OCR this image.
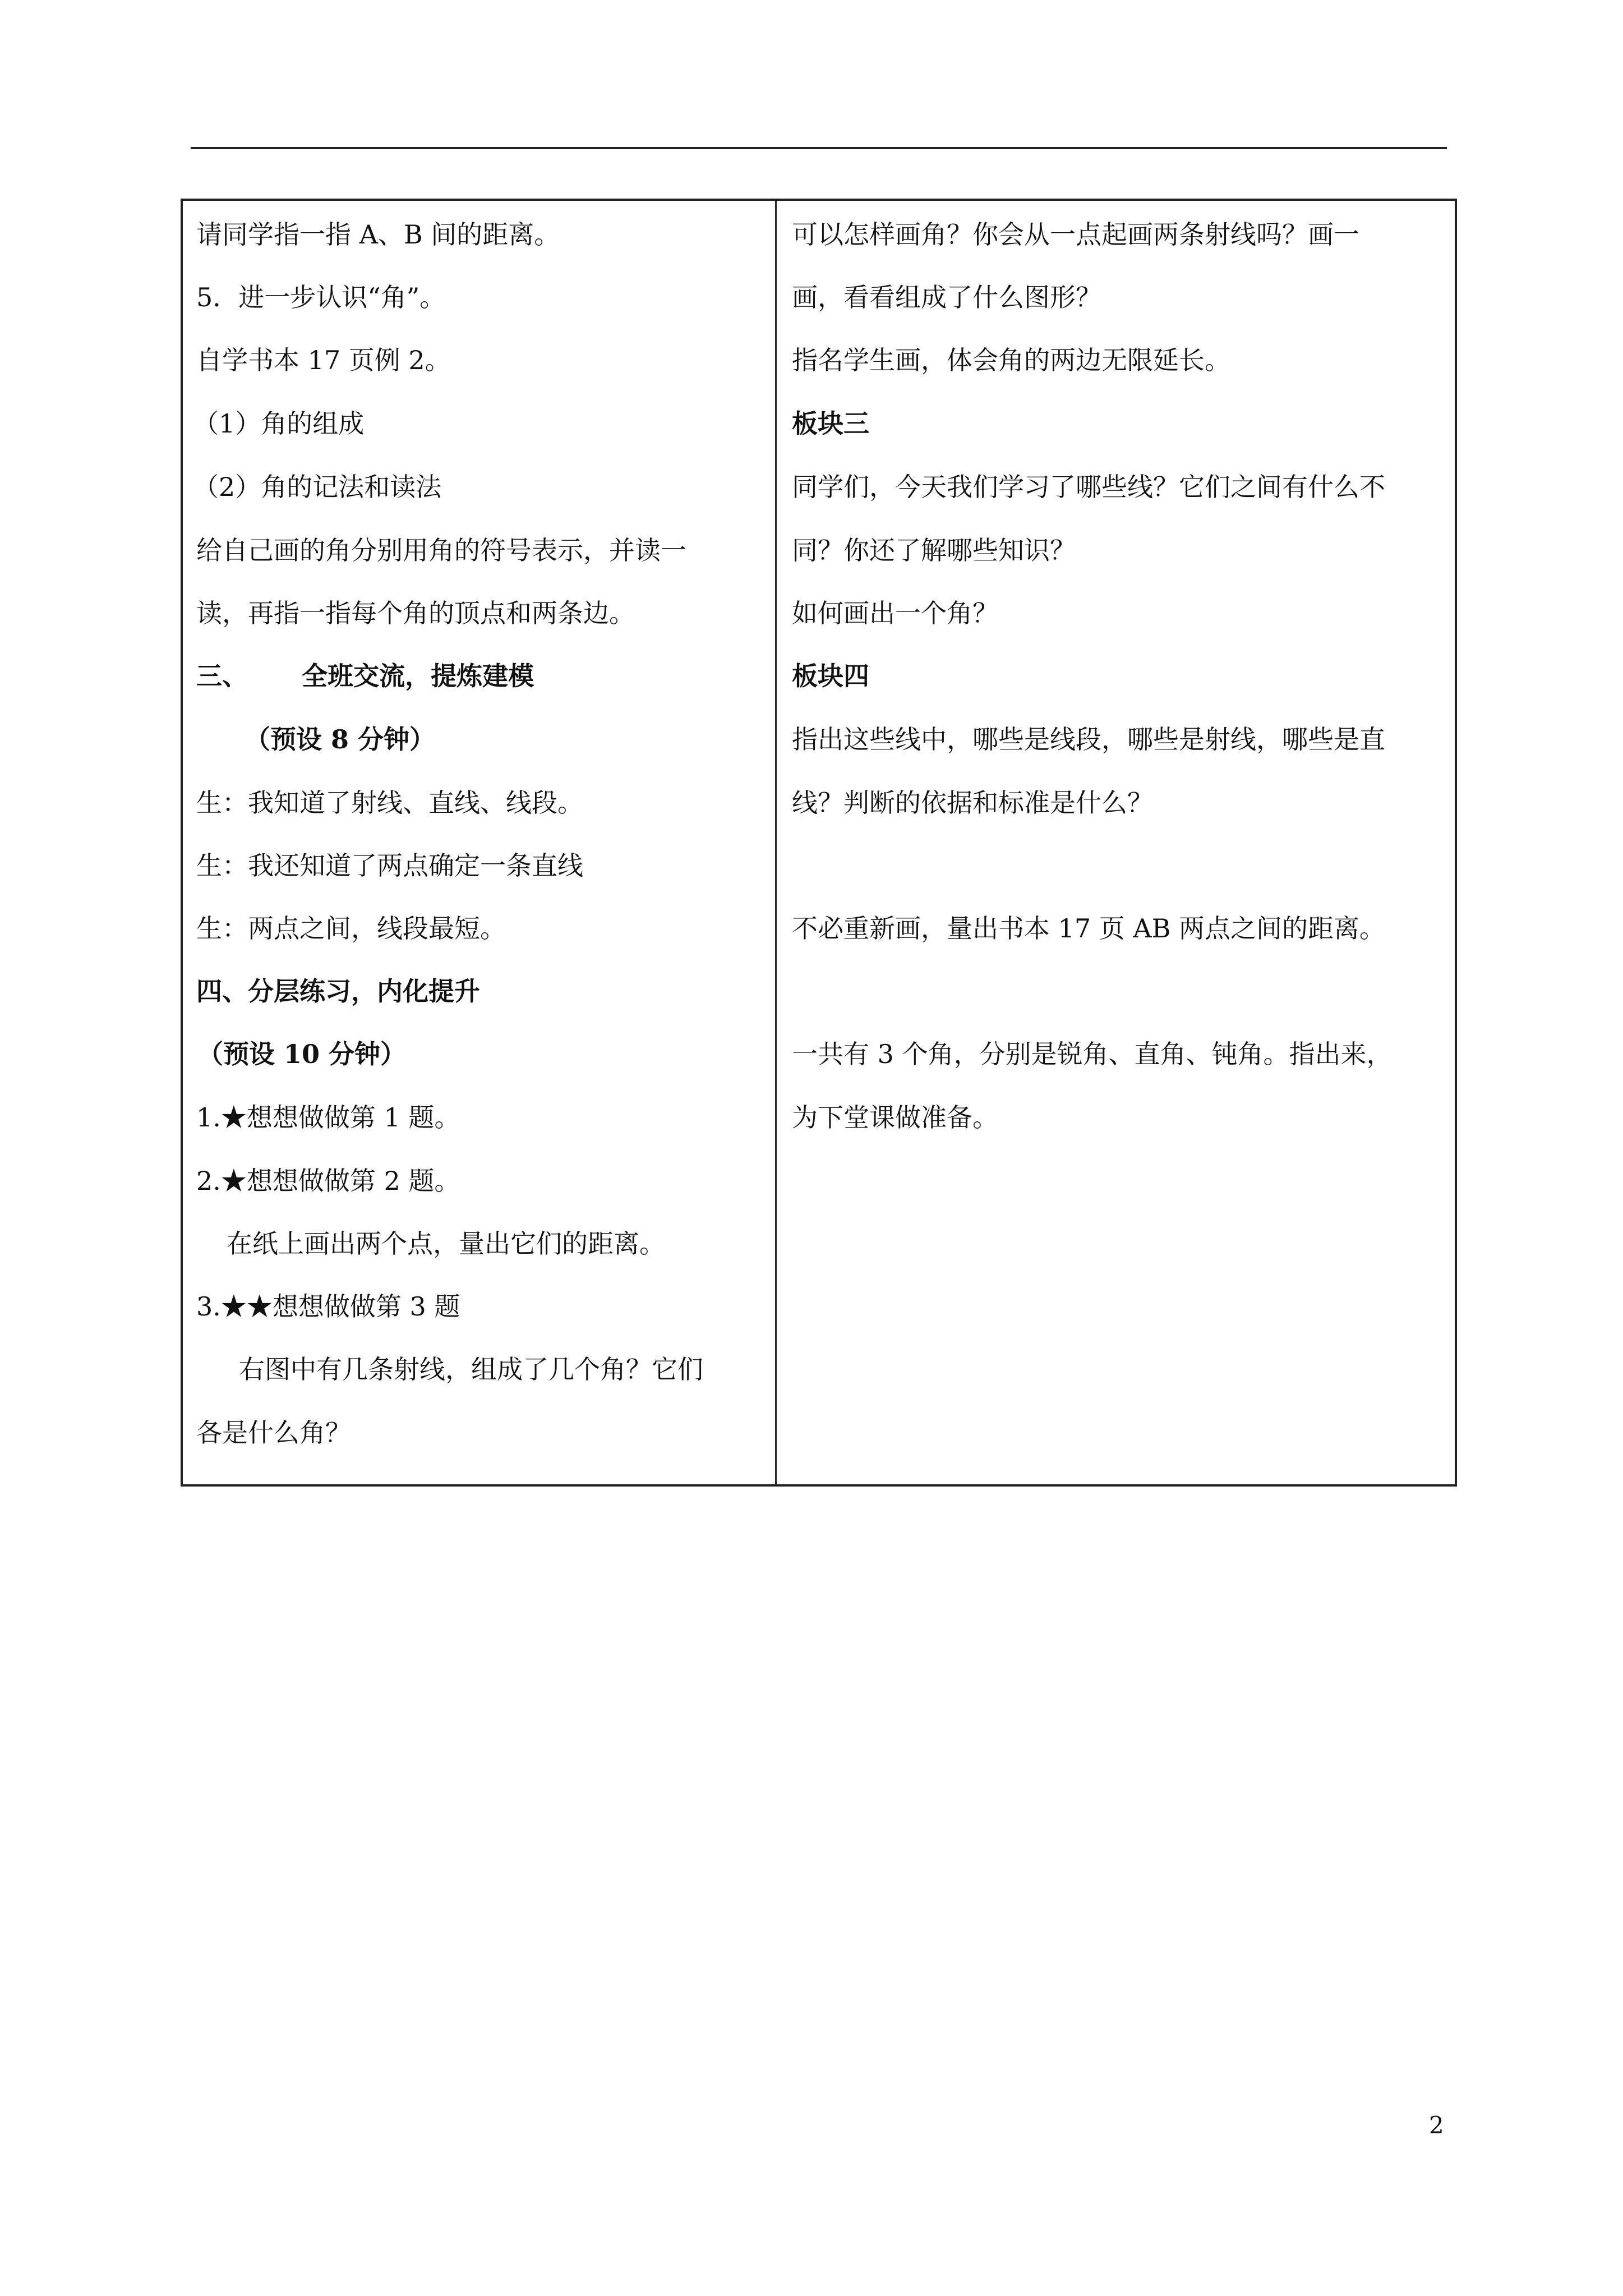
请同学指一指 A、B 间的距离。
5．进一步认识“角”。
自学书本 17 页例 2。
（1）角的组成
（2）角的记法和读法
给自己画的角分别用角的符号表示，并读一
读，再指一指每个角的顶点和两条边。
三、      全班交流，提炼建模
（预设 8 分钟）
生：我知道了射线、直线、线段。
生：我还知道了两点确定一条直线
生：两点之间，线段最短。
四、分层练习，内化提升
（预设 10 分钟）
1.★想想做做第 1 题。
2.★想想做做第 2 题。
在纸上画出两个点，量出它们的距离。
3.★★想想做做第 3 题
右图中有几条射线，组成了几个角？它们
各是什么角？
可以怎样画角？你会从一点起画两条射线吗？画一
画，看看组成了什么图形？
指名学生画，体会角的两边无限延长。
板块三
同学们，今天我们学习了哪些线？它们之间有什么不
同？你还了解哪些知识？
如何画出一个角？
板块四
指出这些线中，哪些是线段，哪些是射线，哪些是直
线？判断的依据和标准是什么？
不必重新画，量出书本 17 页 AB 两点之间的距离。
一共有 3 个角，分别是锐角、直角、钝角。指出来，
为下堂课做准备。
2
